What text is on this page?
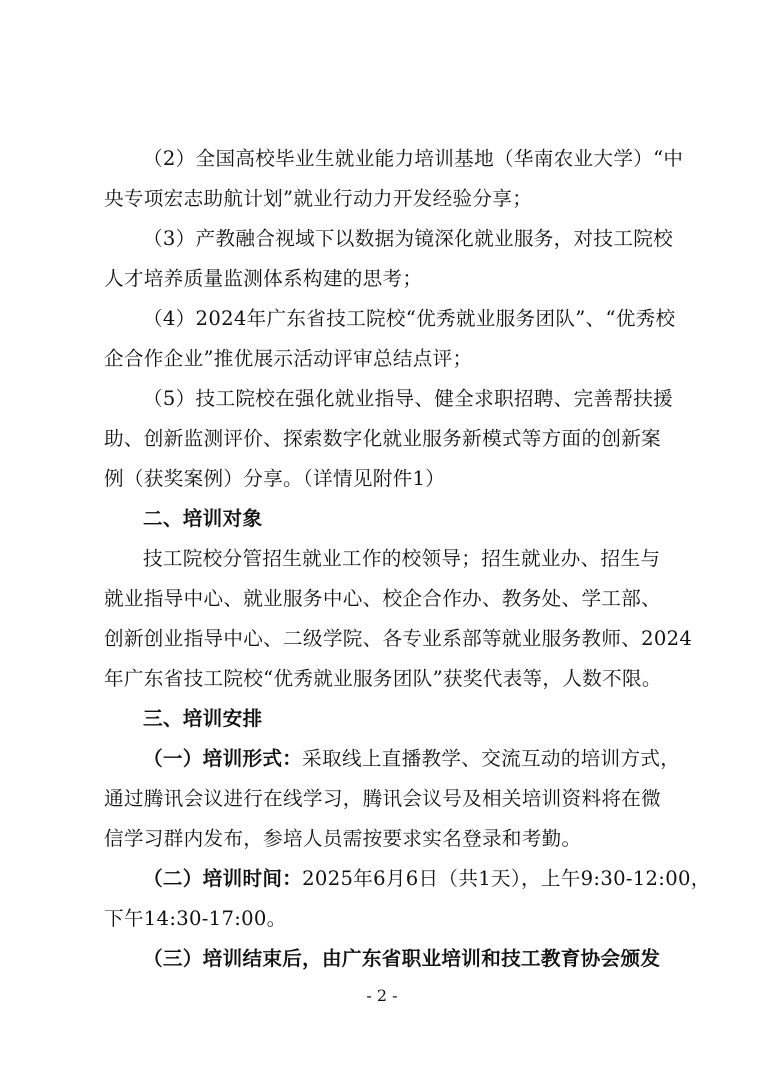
（2）全国高校毕业生就业能力培训基地（华南农业大学）“中
央专项宏志助航计划”就业行动力开发经验分享；
（3）产教融合视域下以数据为镜深化就业服务，对技工院校
人才培养质量监测体系构建的思考；
（4）2024年广东省技工院校“优秀就业服务团队”、“优秀校
企合作企业”推优展示活动评审总结点评；
（5）技工院校在强化就业指导、健全求职招聘、完善帮扶援
助、创新监测评价、探索数字化就业服务新模式等方面的创新案
例（获奖案例）分享。（详情见附件1）
二、培训对象
技工院校分管招生就业工作的校领导；招生就业办、招生与
就业指导中心、就业服务中心、校企合作办、教务处、学工部、
创新创业指导中心、二级学院、各专业系部等就业服务教师、2024
年广东省技工院校“优秀就业服务团队”获奖代表等，人数不限。
三、培训安排
（一）培训形式：采取线上直播教学、交流互动的培训方式，
通过腾讯会议进行在线学习，腾讯会议号及相关培训资料将在微
信学习群内发布，参培人员需按要求实名登录和考勤。
（二）培训时间：2025年6月6日（共1天），上午9:30-12:00，
下午14:30-17:00。
（三）培训结束后，由广东省职业培训和技工教育协会颁发
- 2 -
